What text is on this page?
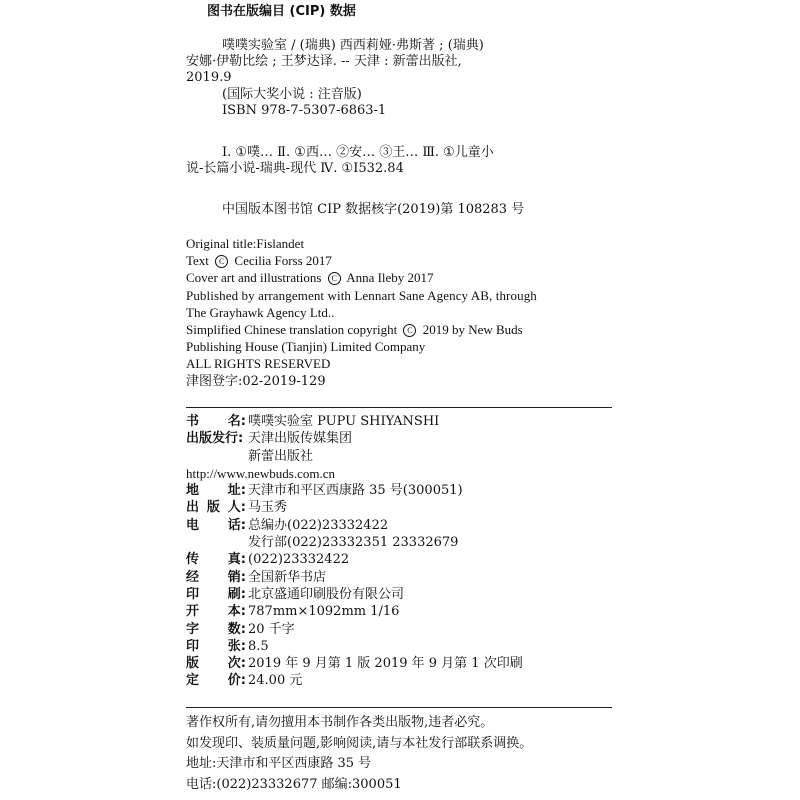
图书在版编目 (CIP) 数据
噗噗实验室 / (瑞典) 西西莉娅·弗斯著 ; (瑞典)
安娜·伊勒比绘 ; 王梦达译. -- 天津 : 新蕾出版社,
2019.9
(国际大奖小说 : 注音版)
ISBN 978-7-5307-6863-1
Ⅰ. ①噗… Ⅱ. ①西… ②安… ③王… Ⅲ. ①儿童小
说-长篇小说-瑞典-现代 Ⅳ. ①I532.84
中国版本图书馆 CIP 数据核字(2019)第 108283 号
Original title:Fislandet
Text C Cecilia Forss 2017
Cover art and illustrations C Anna Ileby 2017
Published by arrangement with Lennart Sane Agency AB, through
The Grayhawk Agency Ltd..
Simplified Chinese translation copyright C 2019 by New Buds
Publishing House (Tianjin) Limited Company
ALL RIGHTS RESERVED
津图登字:02-2019-129
书 名: 噗噗实验室 PUPU SHIYANSHI
出版发行: 天津出版传媒集团
新蕾出版社
http://www.newbuds.com.cn
地 址: 天津市和平区西康路 35 号(300051)
出 版 人: 马玉秀
电 话: 总编办(022)23332422
发行部(022)23332351 23332679
传 真: (022)23332422
经 销: 全国新华书店
印 刷: 北京盛通印刷股份有限公司
开 本: 787mm×1092mm 1/16
字 数: 20 千字
印 张: 8.5
版 次: 2019 年 9 月第 1 版 2019 年 9 月第 1 次印刷
定 价: 24.00 元
著作权所有,请勿擅用本书制作各类出版物,违者必究。
如发现印、装质量问题,影响阅读,请与本社发行部联系调换。
地址:天津市和平区西康路 35 号
电话:(022)23332677 邮编:300051
